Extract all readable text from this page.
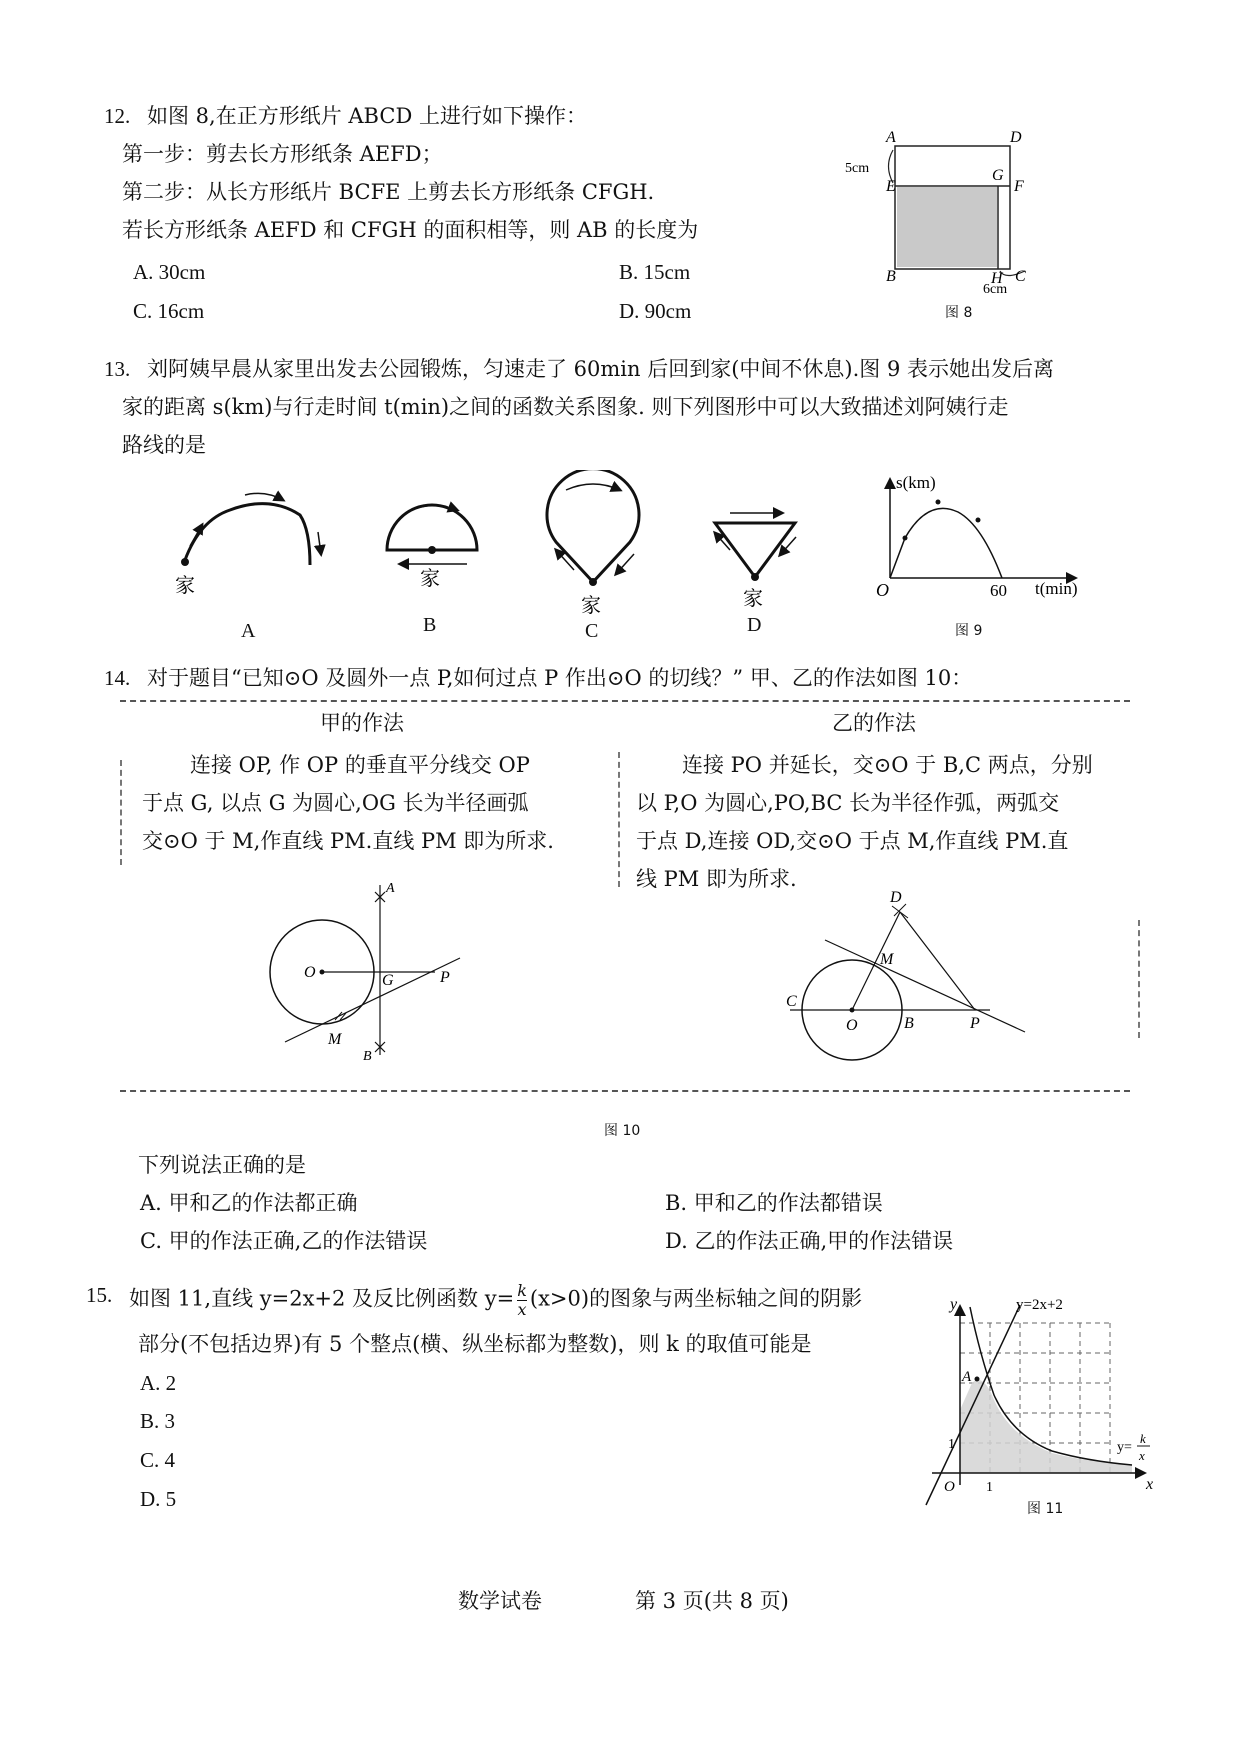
12. 如图 8,在正方形纸片 ABCD 上进行如下操作：
第一步：剪去长方形纸条 AEFD；
第二步：从长方形纸片 BCFE 上剪去长方形纸条 CFGH.
若长方形纸条 AEFD 和 CFGH 的面积相等，则 AB 的长度为
A. 30cm	B. 15cm
C. 16cm	D. 90cm
A	D
E
G
F
B	H C
5cm
6cm
图 8
13. 刘阿姨早晨从家里出发去公园锻炼，匀速走了 60min 后回到家(中间不休息).图 9 表示她出发后离
家的距离 s(km)与行走时间 t(min)之间的函数关系图象. 则下列图形中可以大致描述刘阿姨行走
路线的是
家	家
家	家
A	B	C	D
s(km)
O	60 t(min)
图 9
14. 对于题目“已知⊙O 及圆外一点 P,如何过点 P 作出⊙O 的切线？” 甲、乙的作法如图 10：
甲的作法
连接 OP, 作 OP 的垂直平分线交 OP
于点 G, 以点 G 为圆心,OG 长为半径画弧
交⊙O 于 M,作直线 PM.直线 PM 即为所求.
乙的作法
连接 PO 并延长，交⊙O 于 B,C 两点，分别
以 P,O 为圆心,PO,BC 长为半径作弧，两弧交
于点 D,连接 OD,交⊙O 于点 M,作直线 PM.直
线 PM 即为所求.
O	G	P
M
A
B
D
M
C
O	B	P
图 10
下列说法正确的是
A. 甲和乙的作法都正确	B. 甲和乙的作法都错误
C. 甲的作法正确,乙的作法错误	D. 乙的作法正确,甲的作法错误
15. 如图 11,直线 y=2x+2 及反比例函数 $y= \frac{k}{x} (x>0)$的图象与两坐标轴之间的阴影
部分(不包括边界)有 5 个整点(横、纵坐标都为整数)，则 k 的取值可能是
A. 2
B. 3
C. 4
D. 5
A
y
x
O 1
1
y=2x+2
y=
k
x
图 11
数学试卷	第 3 页(共 8 页)
